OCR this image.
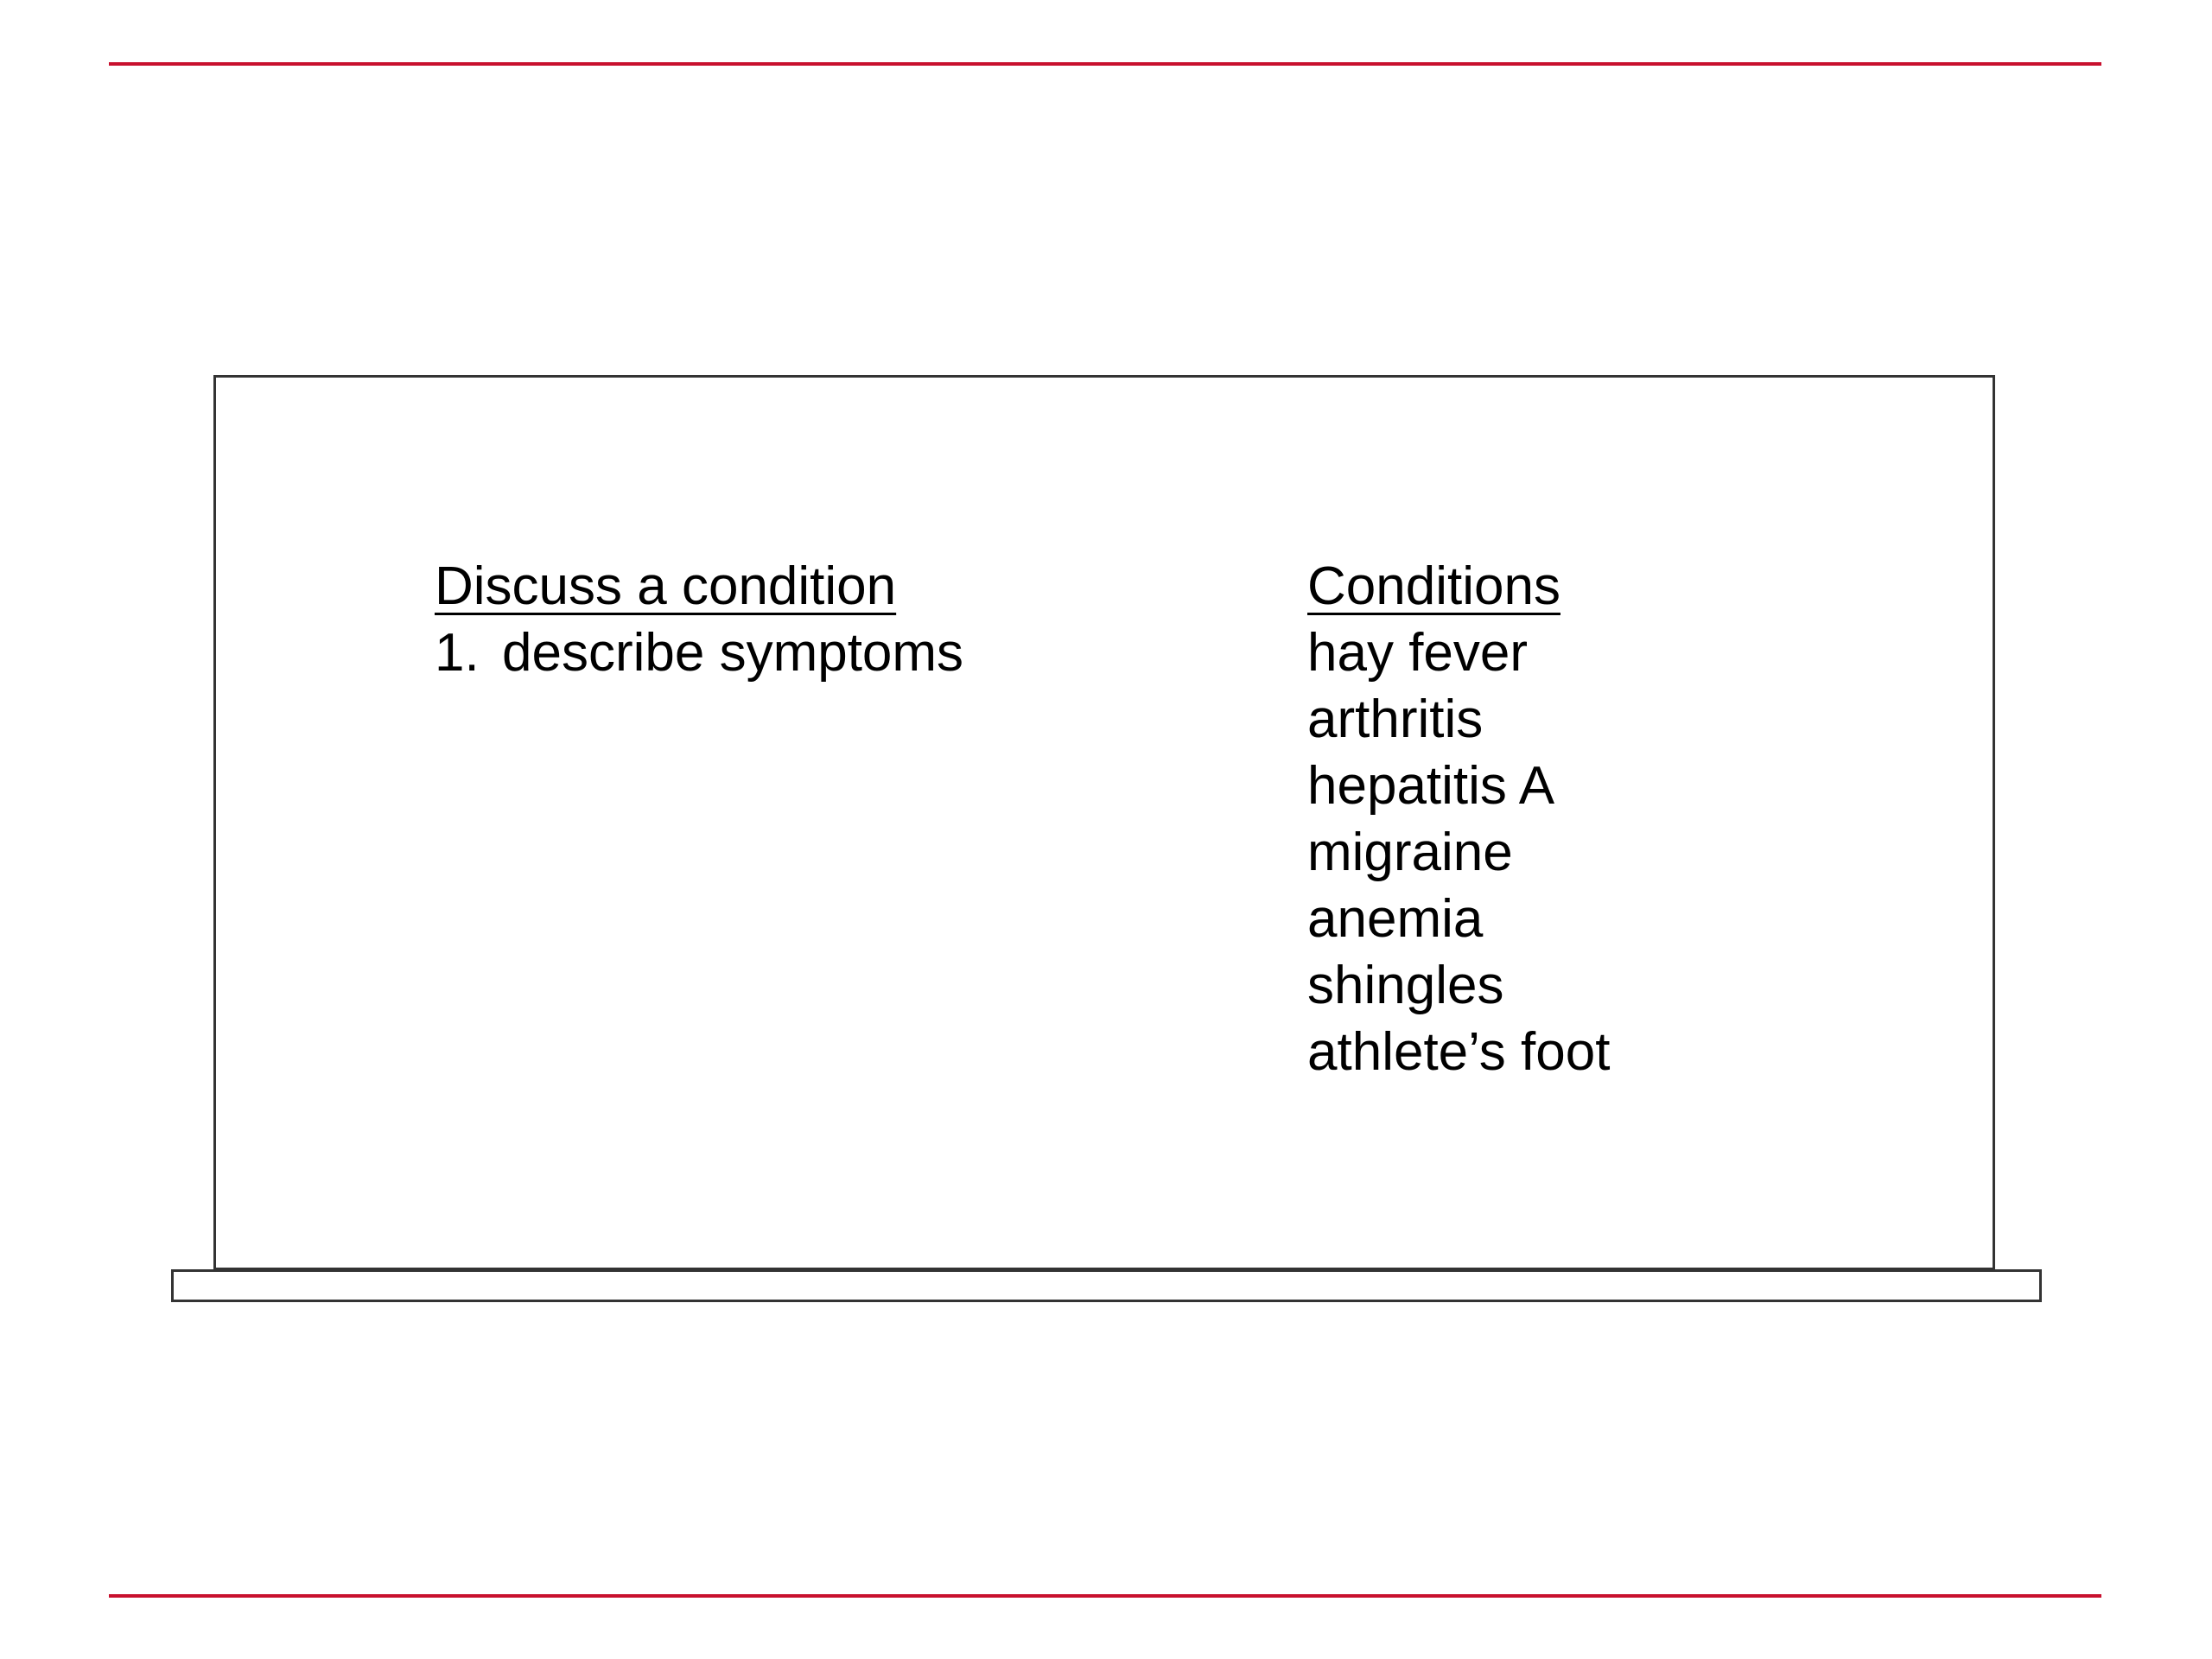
Discuss a condition
1. describe symptoms
Conditions
hay fever
arthritis
hepatitis A
migraine
anemia
shingles
athlete’s foot
